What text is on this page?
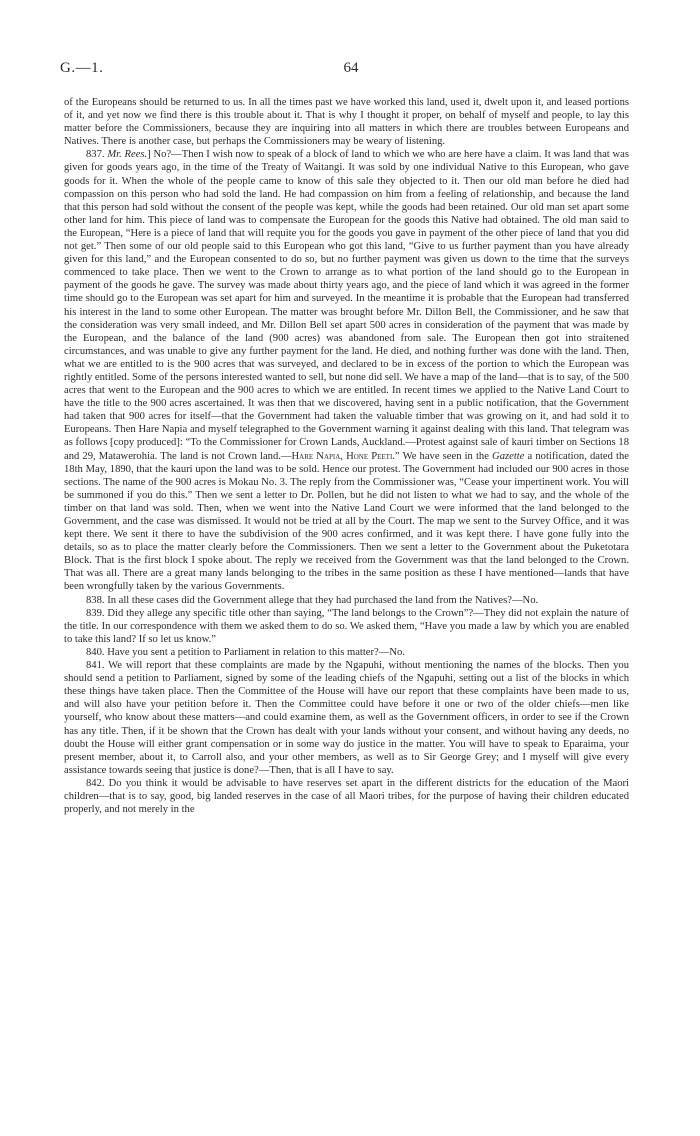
G.—1.	64

of the Europeans should be returned to us. In all the times past we have worked this land, used it, dwelt upon it, and leased portions of it, and yet now we find there is this trouble about it. That is why I thought it proper, on behalf of myself and people, to lay this matter before the Commissioners, because they are inquiring into all matters in which there are troubles between Europeans and Natives. There is another case, but perhaps the Commissioners may be weary of listening.

837. Mr. Rees.] No?—Then I wish now to speak of a block of land to which we who are here have a claim. It was land that was given for goods years ago, in the time of the Treaty of Waitangi. It was sold by one individual Native to this European, who gave goods for it. When the whole of the people came to know of this sale they objected to it. Then our old man before he died had compassion on this person who had sold the land. He had compassion on him from a feeling of relationship, and because the land that this person had sold without the consent of the people was kept, while the goods had been retained. Our old man set apart some other land for him. This piece of land was to compensate the European for the goods this Native had obtained. The old man said to the European, “Here is a piece of land that will requite you for the goods you gave in payment of the other piece of land that you did not get.” Then some of our old people said to this European who got this land, “Give to us further payment than you have already given for this land,” and the European consented to do so, but no further payment was given us down to the time that the surveys commenced to take place. Then we went to the Crown to arrange as to what portion of the land should go to the European in payment of the goods he gave. The survey was made about thirty years ago, and the piece of land which it was agreed in the former time should go to the European was set apart for him and surveyed. In the meantime it is probable that the European had transferred his interest in the land to some other European. The matter was brought before Mr. Dillon Bell, the Commissioner, and he saw that the consideration was very small indeed, and Mr. Dillon Bell set apart 500 acres in consideration of the payment that was made by the European, and the balance of the land (900 acres) was abandoned from sale. The European then got into straitened circumstances, and was unable to give any further payment for the land. He died, and nothing further was done with the land. Then, what we are entitled to is the 900 acres that was surveyed, and declared to be in excess of the portion to which the European was rightly entitled. Some of the persons interested wanted to sell, but none did sell. We have a map of the land—that is to say, of the 500 acres that went to the European and the 900 acres to which we are entitled. In recent times we applied to the Native Land Court to have the title to the 900 acres ascertained. It was then that we discovered, having sent in a public notification, that the Government had taken that 900 acres for itself—that the Government had taken the valuable timber that was growing on it, and had sold it to Europeans. Then Hare Napia and myself telegraphed to the Government warning it against dealing with this land. That telegram was as follows [copy produced]: “To the Commissioner for Crown Lands, Auckland.—Protest against sale of kauri timber on Sections 18 and 29, Matawerohia. The land is not Crown land.—Hare Napia, Hone Peeti.” We have seen in the Gazette a notification, dated the 18th May, 1890, that the kauri upon the land was to be sold. Hence our protest. The Government had included our 900 acres in those sections. The name of the 900 acres is Mokau No. 3. The reply from the Commissioner was, “Cease your impertinent work. You will be summoned if you do this.” Then we sent a letter to Dr. Pollen, but he did not listen to what we had to say, and the whole of the timber on that land was sold. Then, when we went into the Native Land Court we were informed that the land belonged to the Government, and the case was dismissed. It would not be tried at all by the Court. The map we sent to the Survey Office, and it was kept there. We sent it there to have the subdivision of the 900 acres confirmed, and it was kept there. I have gone fully into the details, so as to place the matter clearly before the Commissioners. Then we sent a letter to the Government about the Puketotara Block. That is the first block I spoke about. The reply we received from the Government was that the land belonged to the Crown. That was all. There are a great many lands belonging to the tribes in the same position as these I have mentioned—lands that have been wrongfully taken by the various Governments.

838. In all these cases did the Government allege that they had purchased the land from the Natives?—No.

839. Did they allege any specific title other than saying, “The land belongs to the Crown”?—They did not explain the nature of the title. In our correspondence with them we asked them to do so. We asked them, “Have you made a law by which you are enabled to take this land? If so let us know.”

840. Have you sent a petition to Parliament in relation to this matter?—No.

841. We will report that these complaints are made by the Ngapuhi, without mentioning the names of the blocks. Then you should send a petition to Parliament, signed by some of the leading chiefs of the Ngapuhi, setting out a list of the blocks in which these things have taken place. Then the Committee of the House will have our report that these complaints have been made to us, and will also have your petition before it. Then the Committee could have before it one or two of the older chiefs—men like yourself, who know about these matters—and could examine them, as well as the Government officers, in order to see if the Crown has any title. Then, if it be shown that the Crown has dealt with your lands without your consent, and without having any deeds, no doubt the House will either grant compensation or in some way do justice in the matter. You will have to speak to Eparaima, your present member, about it, to Carroll also, and your other members, as well as to Sir George Grey; and I myself will give every assistance towards seeing that justice is done?—Then, that is all I have to say.

842. Do you think it would be advisable to have reserves set apart in the different districts for the education of the Maori children—that is to say, good, big landed reserves in the case of all Maori tribes, for the purpose of having their children educated properly, and not merely in the
